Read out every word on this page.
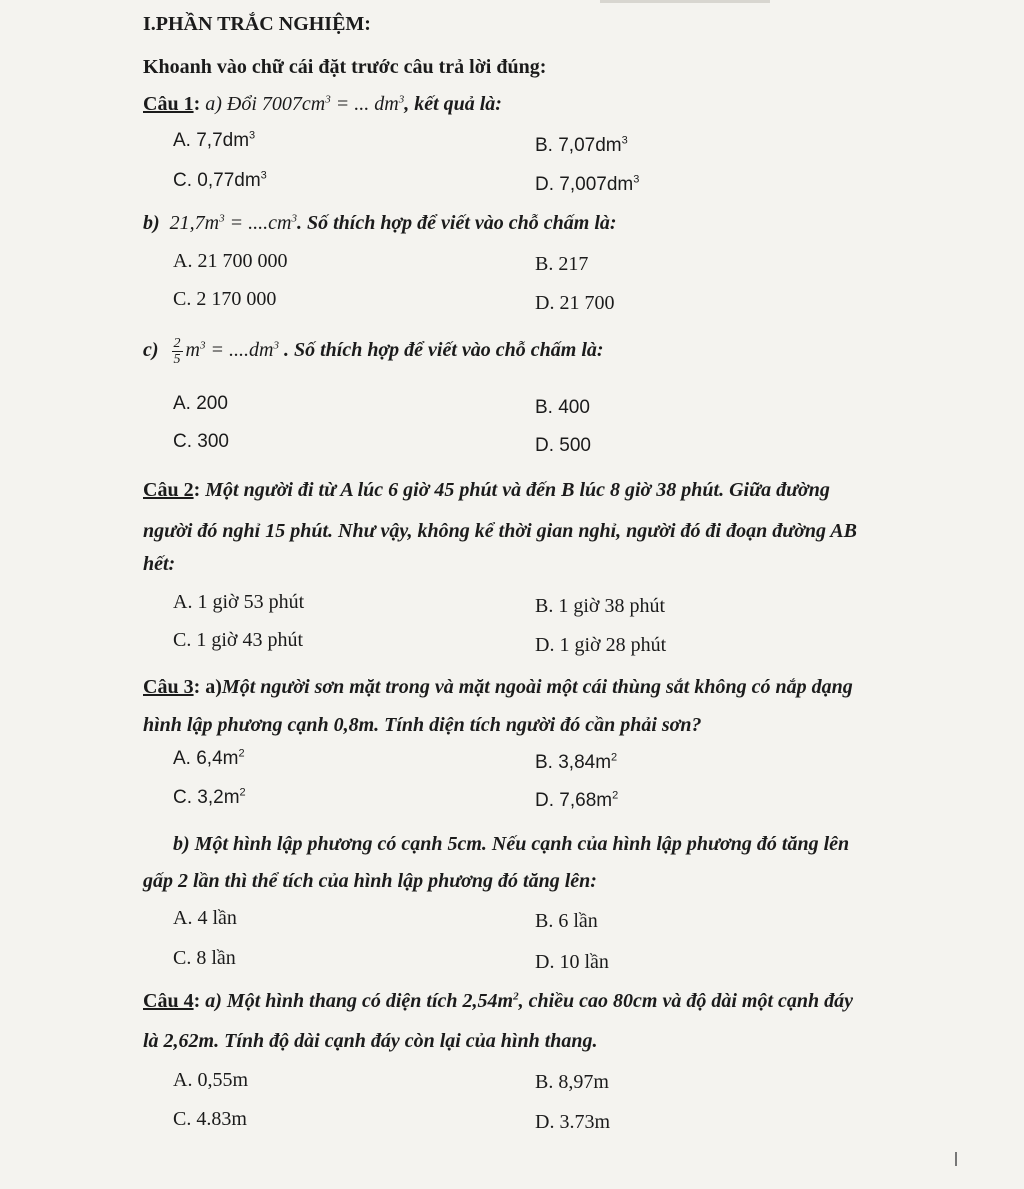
I.PHẦN TRẮC NGHIỆM:
Khoanh vào chữ cái đặt trước câu trả lời đúng:
Câu 1: a) Đổi $7007cm^3$ = ... $dm^3$, kết quả là:
A. $7,7dm^3$	B. $7,07dm^3$
C. $0,77dm^3$	D. $7,007dm^3$
b) $21,7m^3 = ....cm^3$. Số thích hợp để viết vào chỗ chấm là:
A. 21 700 000	B. 217
C. 2 170 000	D. 21 700
$c) \frac{2}{5} m^3 = ....dm^3$ . Số thích hợp để viết vào chỗ chấm là:
A. 200	B. 400
C. 300	D. 500
Câu 2: Một người đi từ A lúc 6 giờ 45 phút và đến B lúc 8 giờ 38 phút. Giữa đường
người đó nghỉ 15 phút. Như vậy, không kể thời gian nghỉ, người đó đi đoạn đường AB
hết:
A. 1 giờ 53 phút	B. 1 giờ 38 phút
C. 1 giờ 43 phút	D. 1 giờ 28 phút
Câu 3: a)Một người sơn mặt trong và mặt ngoài một cái thùng sắt không có nắp dạng
hình lập phương cạnh 0,8m. Tính diện tích người đó cần phải sơn?
A. $6,4m^2$	B. $3,84m^2$
C. $3,2m^2$	D. $7,68m^2$
b) Một hình lập phương có cạnh 5cm. Nếu cạnh của hình lập phương đó tăng lên
gấp 2 lần thì thể tích của hình lập phương đó tăng lên:
A. 4 lần	B. 6 lần
C. 8 lần	D. 10 lần
Câu 4: a) Một hình thang có diện tích $2,54m^2$, chiều cao 80cm và độ dài một cạnh đáy
là 2,62m. Tính độ dài cạnh đáy còn lại của hình thang.
A. 0,55m	B. 8,97m
C. 4.83m	D. 3.73m
